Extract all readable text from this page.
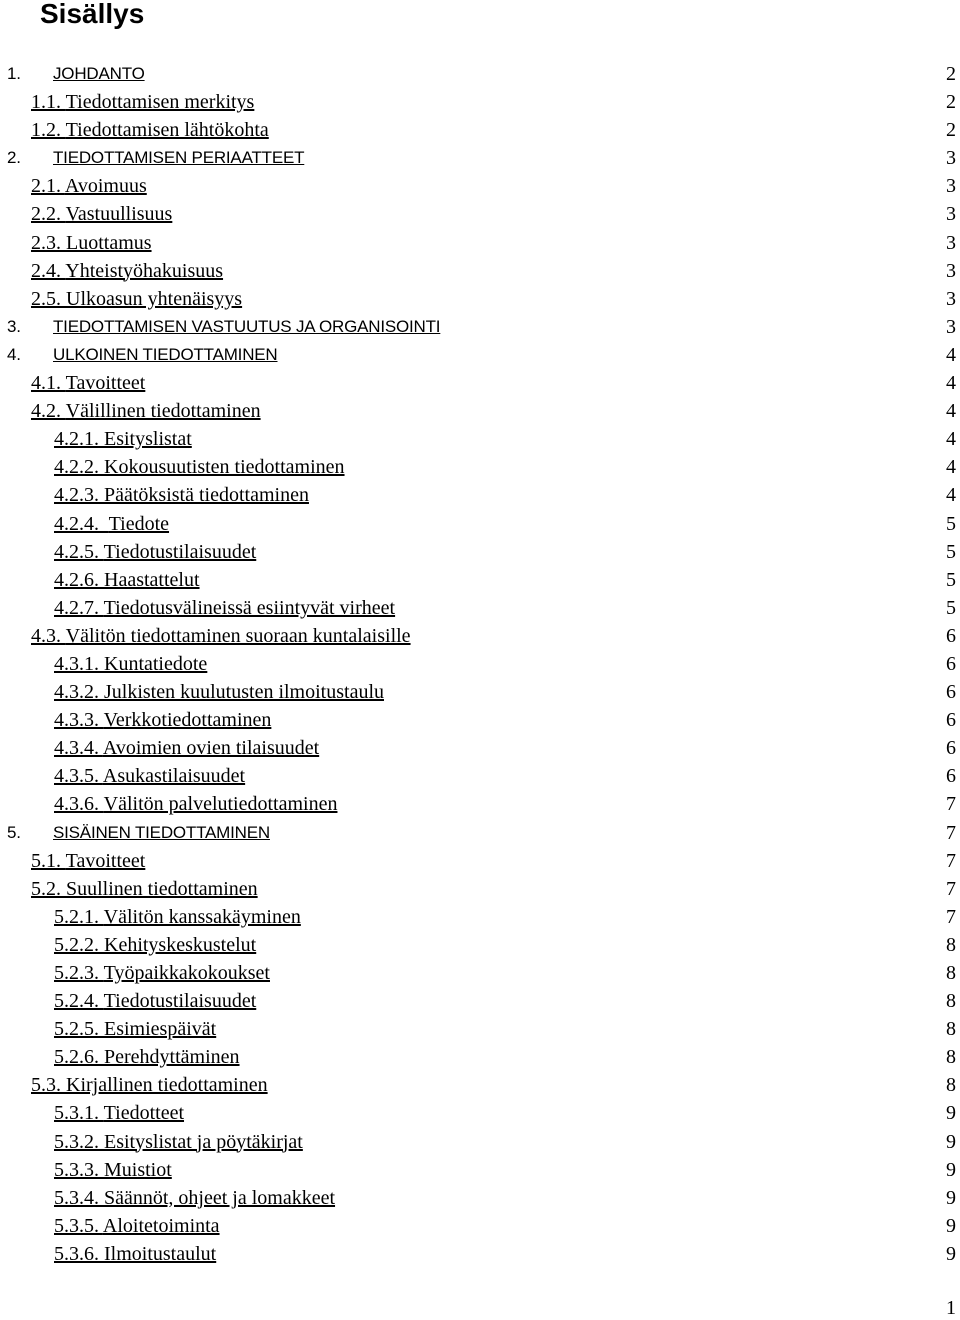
Sisällys
1. JOHDANTO	2
1.1. Tiedottamisen merkitys	2
1.2. Tiedottamisen lähtökohta	2
2. TIEDOTTAMISEN PERIAATTEET	3
2.1. Avoimuus	3
2.2. Vastuullisuus	3
2.3. Luottamus	3
2.4. Yhteistyöhakuisuus	3
2.5. Ulkoasun yhtenäisyys	3
3. TIEDOTTAMISEN VASTUUTUS JA ORGANISOINTI	3
4. ULKOINEN TIEDOTTAMINEN	4
4.1. Tavoitteet	4
4.2. Välillinen tiedottaminen	4
4.2.1. Esityslistat	4
4.2.2. Kokousuutisten tiedottaminen	4
4.2.3. Päätöksistä tiedottaminen	4
4.2.4.  Tiedote	5
4.2.5. Tiedotustilaisuudet	5
4.2.6. Haastattelut	5
4.2.7. Tiedotusvälineissä esiintyvät virheet	5
4.3. Välitön tiedottaminen suoraan kuntalaisille	6
4.3.1. Kuntatiedote	6
4.3.2. Julkisten kuulutusten ilmoitustaulu	6
4.3.3. Verkkotiedottaminen	6
4.3.4. Avoimien ovien tilaisuudet	6
4.3.5. Asukastilaisuudet	6
4.3.6. Välitön palvelutiedottaminen	7
5. SISÄINEN TIEDOTTAMINEN	7
5.1. Tavoitteet	7
5.2. Suullinen tiedottaminen	7
5.2.1. Välitön kanssakäyminen	7
5.2.2. Kehityskeskustelut	8
5.2.3. Työpaikkakokoukset	8
5.2.4. Tiedotustilaisuudet	8
5.2.5. Esimiespäivät	8
5.2.6. Perehdyttäminen	8
5.3. Kirjallinen tiedottaminen	8
5.3.1. Tiedotteet	9
5.3.2. Esityslistat ja pöytäkirjat	9
5.3.3. Muistiot	9
5.3.4. Säännöt, ohjeet ja lomakkeet	9
5.3.5. Aloitetoiminta	9
5.3.6. Ilmoitustaulut	9
1
